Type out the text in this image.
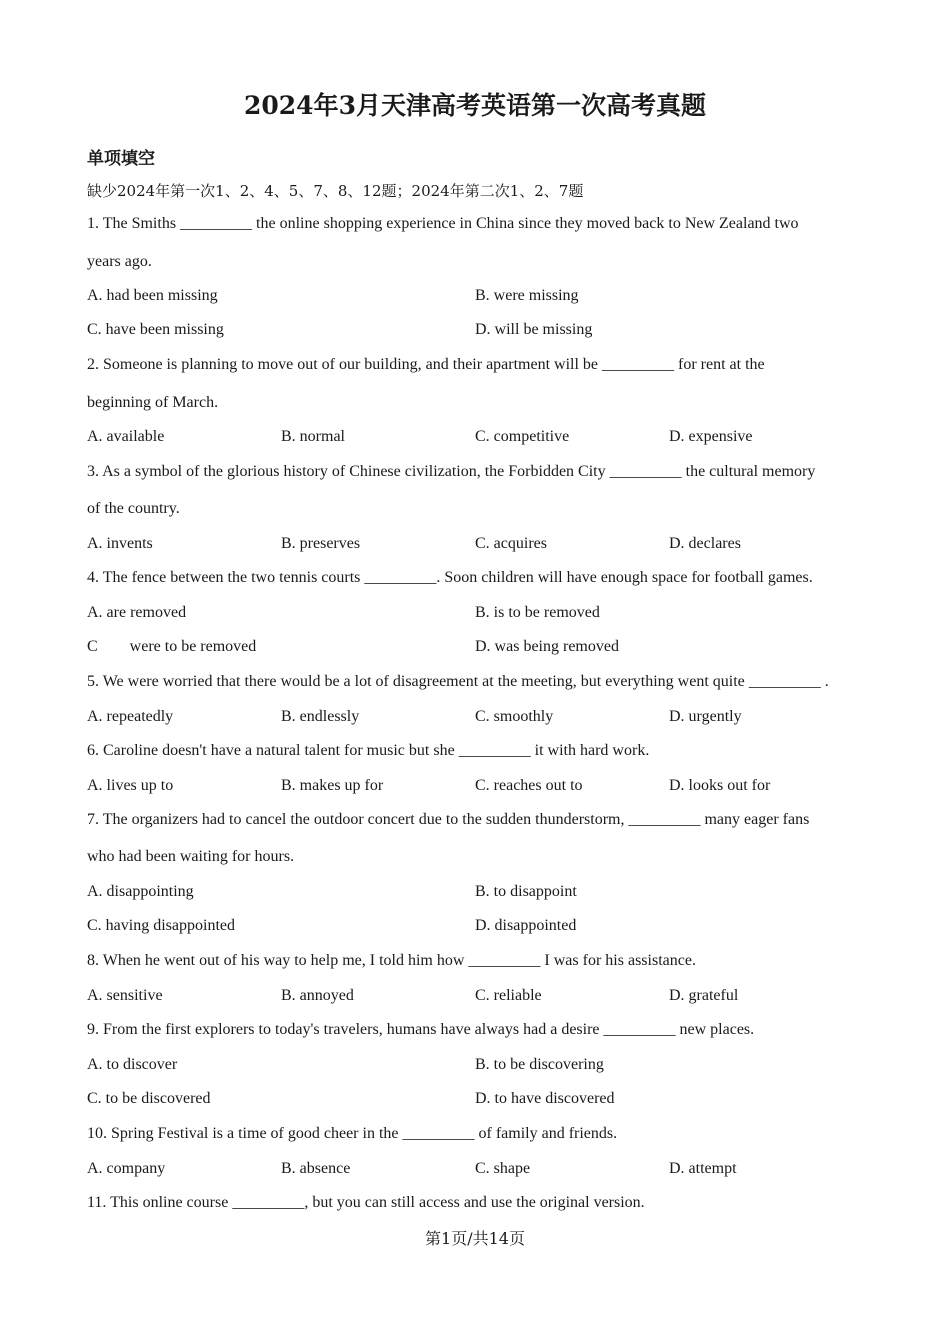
2024年3月天津高考英语第一次高考真题
单项填空
缺少2024年第一次1、2、4、5、7、8、12题；2024年第二次1、2、7题
1. The Smiths _________ the online shopping experience in China since they moved back to New Zealand two
years ago.
A. had been missing	B. were missing
C. have been missing	D. will be missing
2. Someone is planning to move out of our building, and their apartment will be _________ for rent at the
beginning of March.
A. available	B. normal	C. competitive	D. expensive
3. As a symbol of the glorious history of Chinese civilization, the Forbidden City _________ the cultural memory
of the country.
A. invents	B. preserves	C. acquires	D. declares
4. The fence between the two tennis courts _________. Soon children will have enough space for football games.
A. are removed	B. is to be removed
C        were to be removed	D. was being removed
5. We were worried that there would be a lot of disagreement at the meeting, but everything went quite _________ .
A. repeatedly	B. endlessly	C. smoothly	D. urgently
6. Caroline doesn't have a natural talent for music but she _________ it with hard work.
A. lives up to	B. makes up for	C. reaches out to	D. looks out for
7. The organizers had to cancel the outdoor concert due to the sudden thunderstorm, _________ many eager fans
who had been waiting for hours.
A. disappointing	B. to disappoint
C. having disappointed	D. disappointed
8. When he went out of his way to help me, I told him how _________ I was for his assistance.
A. sensitive	B. annoyed	C. reliable	D. grateful
9. From the first explorers to today's travelers, humans have always had a desire _________ new places.
A. to discover	B. to be discovering
C. to be discovered	D. to have discovered
10. Spring Festival is a time of good cheer in the _________ of family and friends.
A. company	B. absence	C. shape	D. attempt
11. This online course _________, but you can still access and use the original version.
第1页/共14页
